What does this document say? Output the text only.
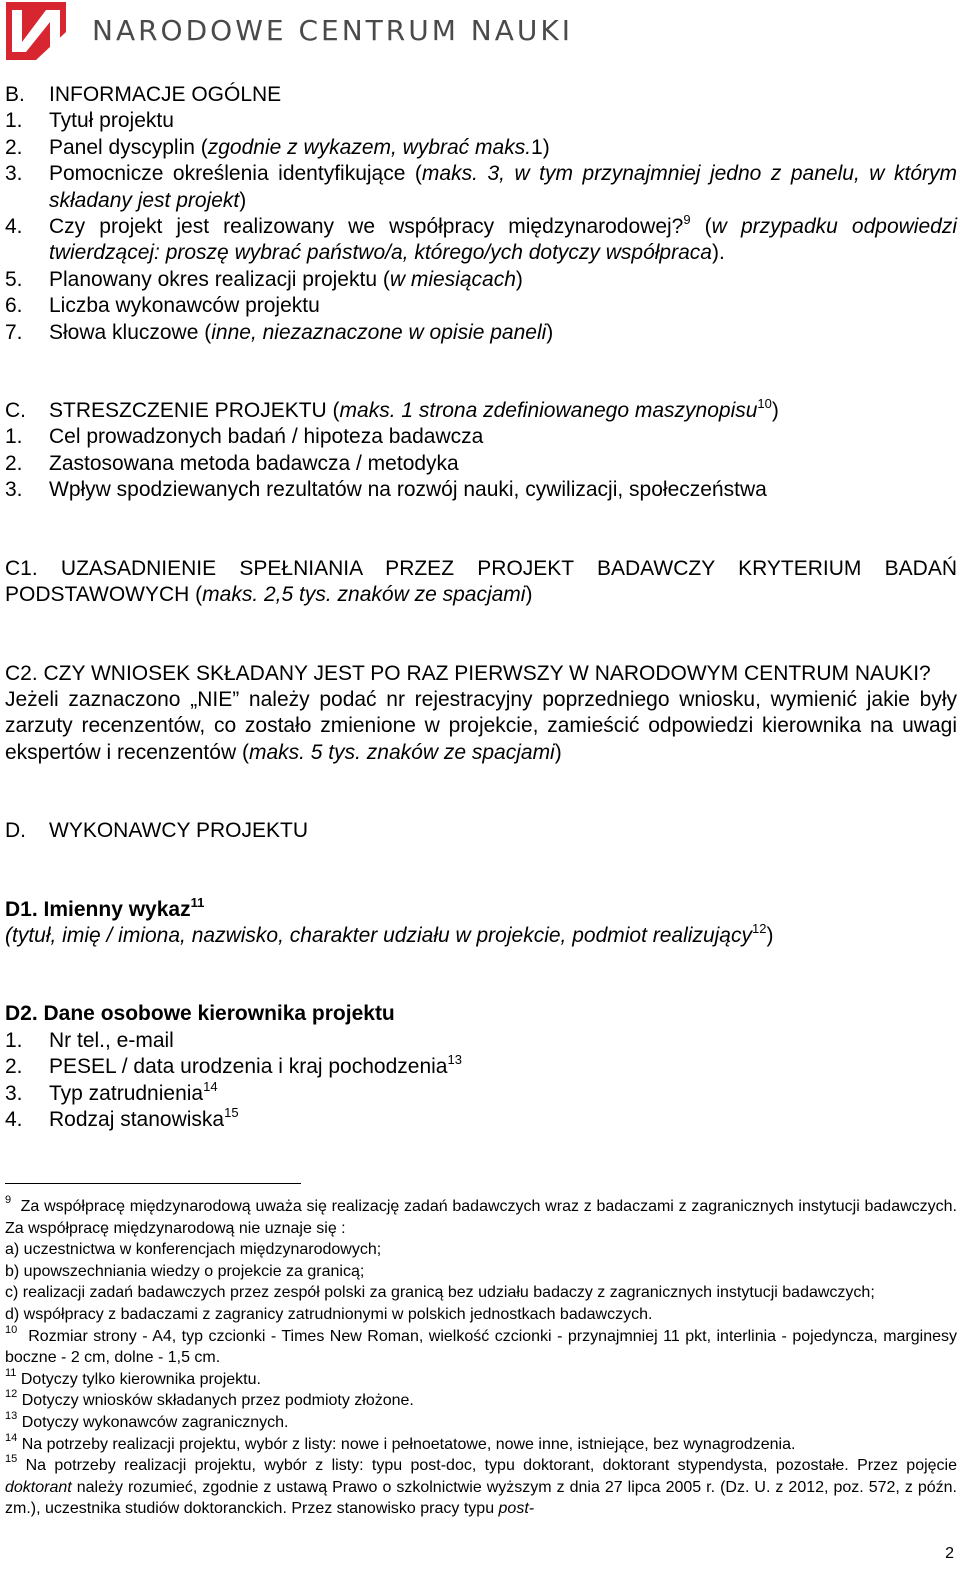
NARODOWE CENTRUM NAUKI
B.	INFORMACJE OGÓLNE
1.	Tytuł projektu
2.	Panel dyscyplin (zgodnie z wykazem, wybrać maks.1)
3.	Pomocnicze określenia identyfikujące (maks. 3, w tym przynajmniej jedno z panelu, w którym składany jest projekt)
4.	Czy projekt jest realizowany we współpracy międzynarodowej?$^9$ (w przypadku odpowiedzi twierdzącej: proszę wybrać państwo/a, którego/ych dotyczy współpraca).
5.	Planowany okres realizacji projektu (w miesiącach)
6.	Liczba wykonawców projektu
7.	Słowa kluczowe (inne, niezaznaczone w opisie paneli)
C.	STRESZCZENIE PROJEKTU (maks. 1 strona zdefiniowanego maszynopisu$^{10}$)
1.	Cel prowadzonych badań / hipoteza badawcza
2.	Zastosowana metoda badawcza / metodyka
3.	Wpływ spodziewanych rezultatów na rozwój nauki, cywilizacji, społeczeństwa
C1. UZASADNIENIE SPEŁNIANIA PRZEZ PROJEKT BADAWCZY KRYTERIUM BADAŃ PODSTAWOWYCH (maks. 2,5 tys. znaków ze spacjami)
C2. CZY WNIOSEK SKŁADANY JEST PO RAZ PIERWSZY W NARODOWYM CENTRUM NAUKI?
Jeżeli zaznaczono „NIE” należy podać nr rejestracyjny poprzedniego wniosku, wymienić jakie były zarzuty recenzentów, co zostało zmienione w projekcie, zamieścić odpowiedzi kierownika na uwagi ekspertów i recenzentów (maks. 5 tys. znaków ze spacjami)
D.	WYKONAWCY PROJEKTU
D1. Imienny wykaz$^{11}$
(tytuł, imię / imiona, nazwisko, charakter udziału w projekcie, podmiot realizujący$^{12}$)
D2. Dane osobowe kierownika projektu
1.	Nr tel., e-mail
2.	PESEL / data urodzenia i kraj pochodzenia$^{13}$
3.	Typ zatrudnienia$^{14}$
4.	Rodzaj stanowiska$^{15}$
$^9$ Za współpracę międzynarodową uważa się realizację zadań badawczych wraz z badaczami z zagranicznych instytucji badawczych. Za współpracę międzynarodową nie uznaje się :
a) uczestnictwa w konferencjach międzynarodowych;
b) upowszechniania wiedzy o projekcie za granicą;
c) realizacji zadań badawczych przez zespół polski za granicą bez udziału badaczy z zagranicznych instytucji badawczych;
d) współpracy z badaczami z zagranicy zatrudnionymi w polskich jednostkach badawczych.
$^{10}$ Rozmiar strony - A4, typ czcionki - Times New Roman, wielkość czcionki - przynajmniej 11 pkt, interlinia - pojedyncza, marginesy boczne - 2 cm, dolne - 1,5 cm.
$^{11}$ Dotyczy tylko kierownika projektu.
$^{12}$ Dotyczy wniosków składanych przez podmioty złożone.
$^{13}$ Dotyczy wykonawców zagranicznych.
$^{14}$ Na potrzeby realizacji projektu, wybór z listy: nowe i pełnoetatowe, nowe inne, istniejące, bez wynagrodzenia.
$^{15}$ Na potrzeby realizacji projektu, wybór z listy: typu post-doc, typu doktorant, doktorant stypendysta, pozostałe. Przez pojęcie doktorant należy rozumieć, zgodnie z ustawą Prawo o szkolnictwie wyższym z dnia 27 lipca 2005 r. (Dz. U. z 2012, poz. 572, z późn. zm.), uczestnika studiów doktoranckich. Przez stanowisko pracy typu post-
2
